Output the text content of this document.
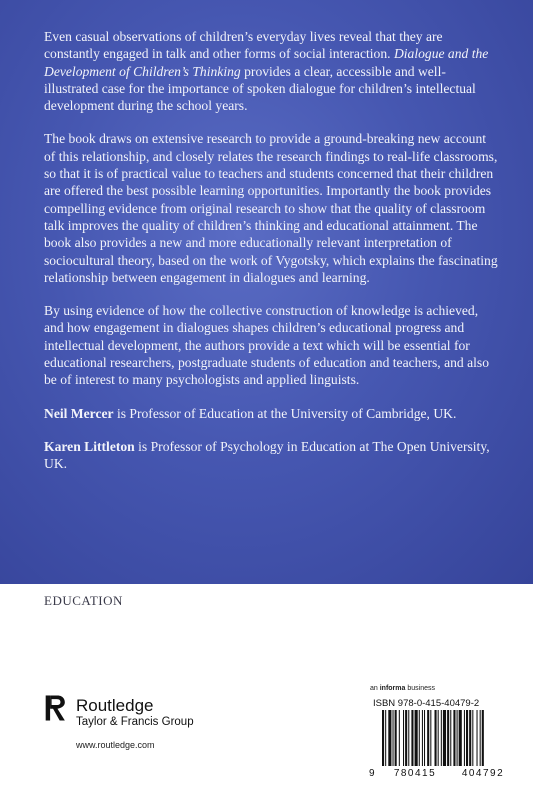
Even casual observations of children’s everyday lives reveal that they are constantly engaged in talk and other forms of social interaction. Dialogue and the Development of Children’s Thinking provides a clear, accessible and well-illustrated case for the importance of spoken dialogue for children’s intellectual development during the school years.

The book draws on extensive research to provide a ground-breaking new account of this relationship, and closely relates the research findings to real-life classrooms, so that it is of practical value to teachers and students concerned that their children are offered the best possible learning opportunities. Importantly the book provides compelling evidence from original research to show that the quality of classroom talk improves the quality of children’s thinking and educational attainment. The book also provides a new and more educationally relevant interpretation of sociocultural theory, based on the work of Vygotsky, which explains the fascinating relationship between engagement in dialogues and learning.

By using evidence of how the collective construction of knowledge is achieved, and how engagement in dialogues shapes children’s educational progress and intellectual development, the authors provide a text which will be essential for educational researchers, postgraduate students of education and teachers, and also be of interest to many psychologists and applied linguists.

Neil Mercer is Professor of Education at the University of Cambridge, UK.

Karen Littleton is Professor of Psychology in Education at The Open University, UK.

EDUCATION
Routledge
Taylor & Francis Group
www.routledge.com
an informa business
ISBN 978-0-415-40479-2
9	780415	404792
